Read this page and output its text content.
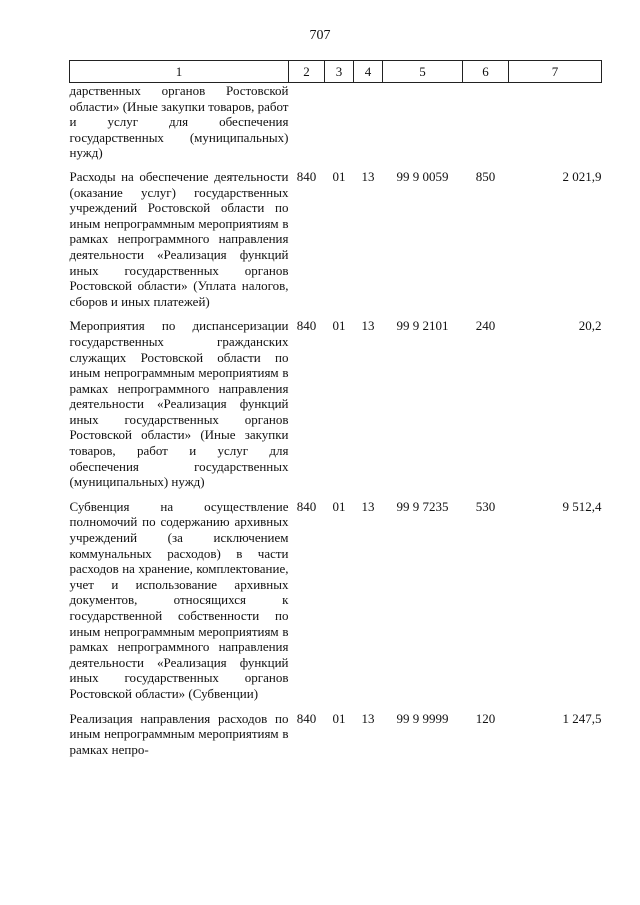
707
1	2	3	4	5	6	7
дарственных органов Ростовской области» (Иные закупки товаров, работ и услуг для обеспечения государственных (муниципальных) нужд)						
Расходы на обеспечение деятельности (оказание услуг) государственных учреждений Ростовской области по иным непрограммным мероприятиям в рамках непрограммного направления деятельности «Реализация функций иных государственных органов Ростовской области» (Уплата налогов, сборов и иных платежей)	840	01	13	99 9 0059	850	2 021,9
Мероприятия по диспансеризации государственных гражданских служащих Ростовской области по иным непрограммным мероприятиям в рамках непрограммного направления деятельности «Реализация функций иных государственных органов Ростовской области» (Иные закупки товаров, работ и услуг для обеспечения государственных (муниципальных) нужд)	840	01	13	99 9 2101	240	20,2
Субвенция на осуществление полномочий по содержанию архивных учреждений (за исключением коммунальных расходов) в части расходов на хранение, комплектование, учет и использование архивных документов, относящихся к государственной собственности по иным непрограммным мероприятиям в рамках непрограммного направления деятельности «Реализация функций иных государственных органов Ростовской области» (Субвенции)	840	01	13	99 9 7235	530	9 512,4
Реализация направления расходов по иным непрограммным мероприятиям в рамках непро-	840	01	13	99 9 9999	120	1 247,5
